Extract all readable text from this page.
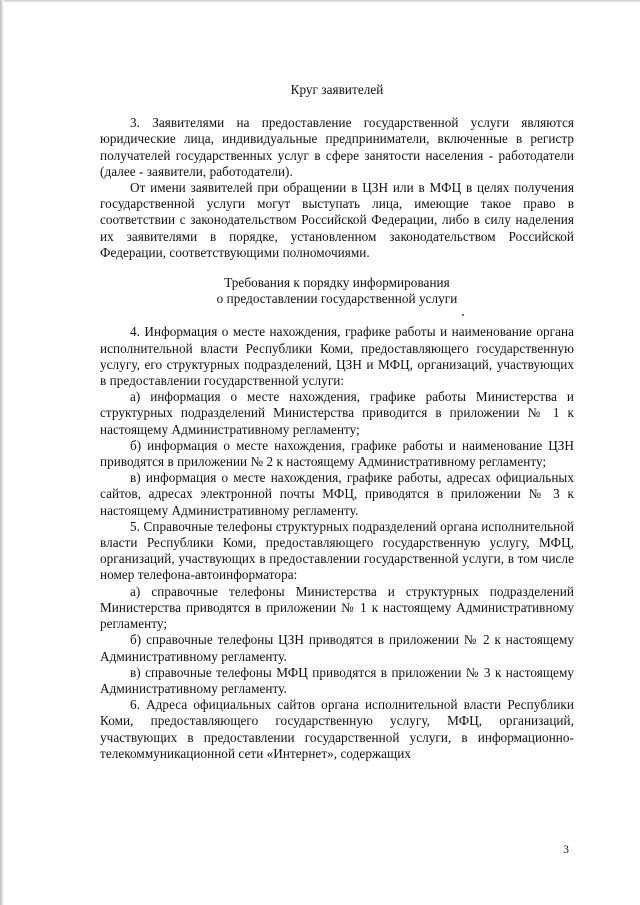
Круг заявителей

3. Заявителями на предоставление государственной услуги являются юридические лица, индивидуальные предприниматели, включенные в регистр получателей государственных услуг в сфере занятости населения - работодатели (далее - заявители, работодатели).

От имени заявителей при обращении в ЦЗН или в МФЦ в целях получения государственной услуги могут выступать лица, имеющие такое право в соответствии с законодательством Российской Федерации, либо в силу наделения их заявителями в порядке, установленном законодательством Российской Федерации, соответствующими полномочиями.

Требования к порядку информирования

о предоставлении государственной услуги

4. Информация о месте нахождения, графике работы и наименование органа исполнительной власти Республики Коми, предоставляющего государственную услугу, его структурных подразделений, ЦЗН и МФЦ, организаций, участвующих в предоставлении государственной услуги:

а) информация о месте нахождения, графике работы Министерства и структурных подразделений Министерства приводится в приложении № 1 к настоящему Административному регламенту;

б) информация о месте нахождения, графике работы и наименование ЦЗН приводятся в приложении № 2 к настоящему Административному регламенту;

в) информация о месте нахождения, графике работы, адресах официальных сайтов, адресах электронной почты МФЦ, приводятся в приложении № 3 к настоящему Административному регламенту.

5. Справочные телефоны структурных подразделений органа исполнительной власти Республики Коми, предоставляющего государственную услугу, МФЦ, организаций, участвующих в предоставлении государственной услуги, в том числе номер телефона-автоинформатора:

а) справочные телефоны Министерства и структурных подразделений Министерства приводятся в приложении № 1 к настоящему Административному регламенту;

б) справочные телефоны ЦЗН приводятся в приложении № 2 к настоящему Административному регламенту.

в) справочные телефоны МФЦ приводятся в приложении № 3 к настоящему Административному регламенту.

6. Адреса официальных сайтов органа исполнительной власти Республики Коми, предоставляющего государственную услугу, МФЦ, организаций, участвующих в предоставлении государственной услуги, в информационно-телекоммуникационной сети «Интернет», содержащих

3
